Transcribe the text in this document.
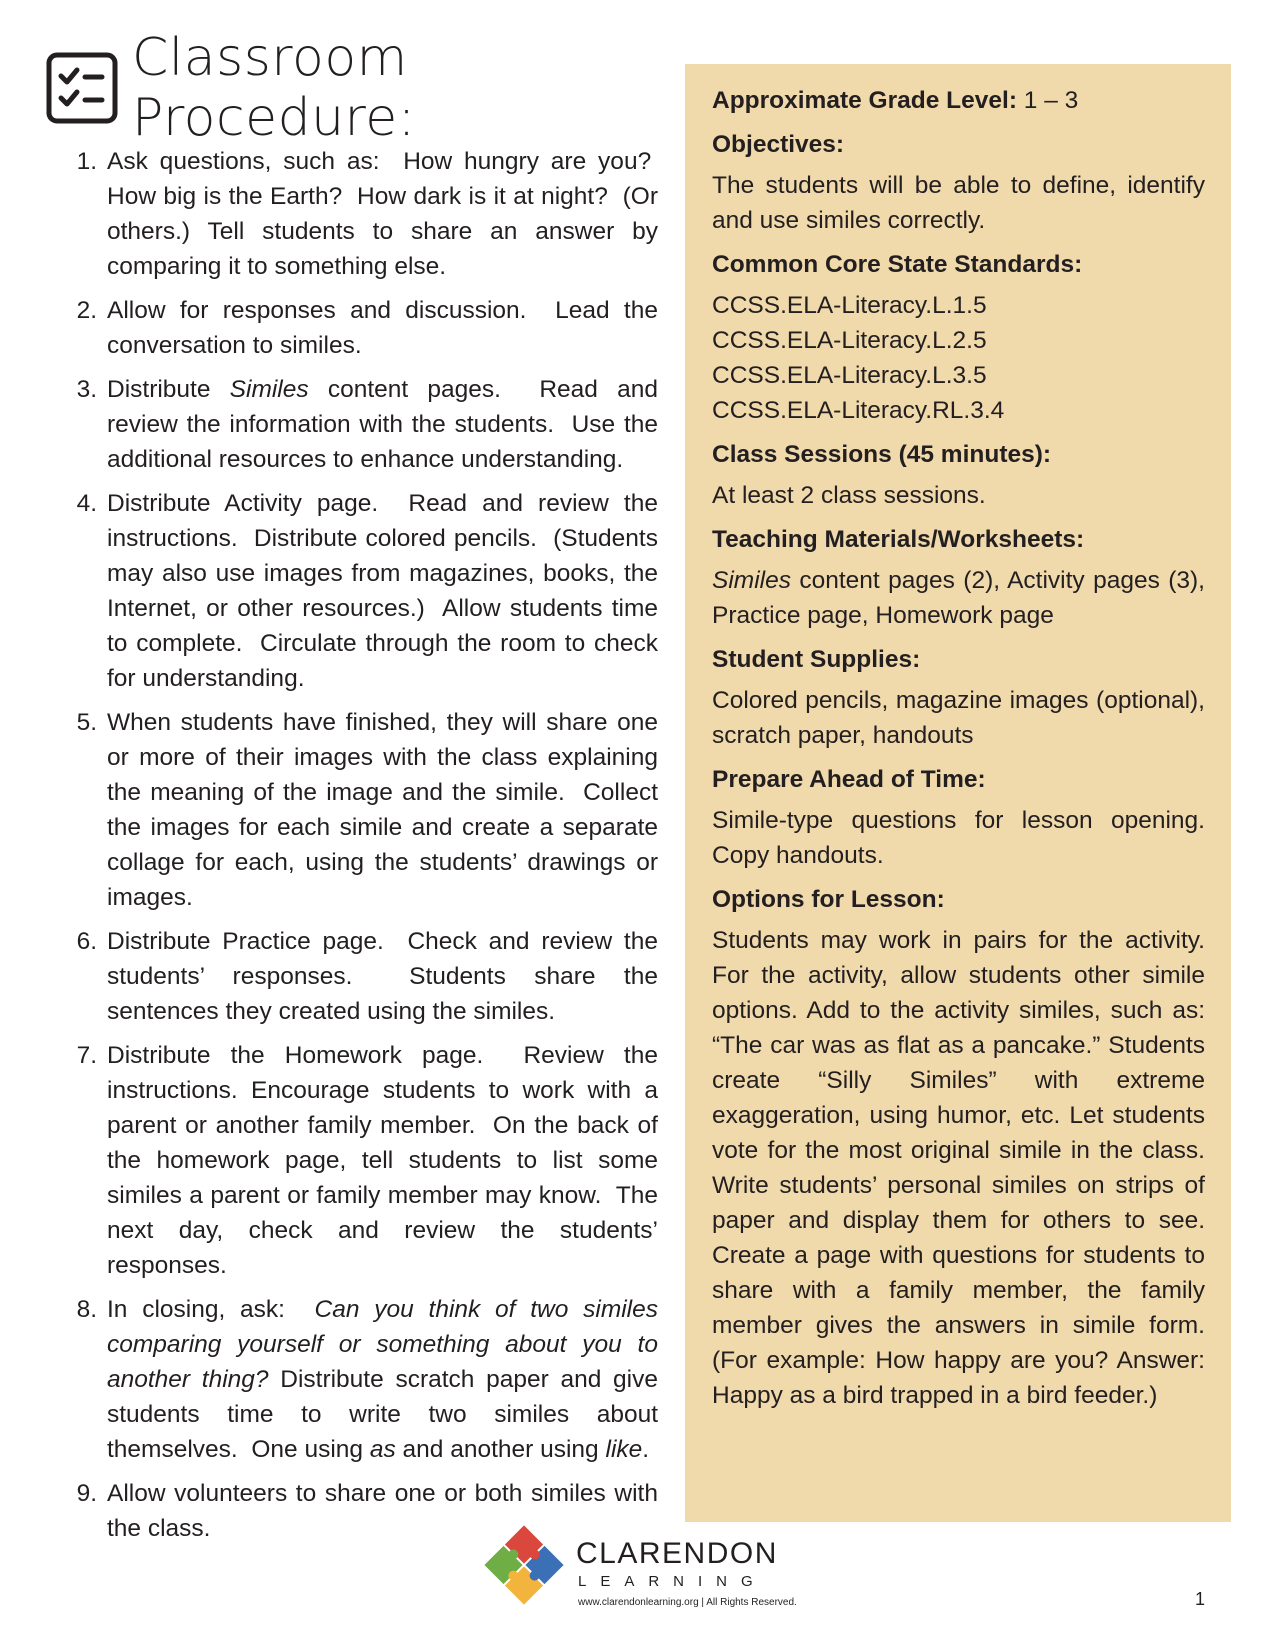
Classroom Procedure:
1. Ask questions, such as:  How hungry are you?  How big is the Earth?  How dark is it at night?  (Or others.) Tell students to share an answer by comparing it to something else.
2. Allow for responses and discussion.  Lead the conversation to similes.
3. Distribute Similes content pages.  Read and review the information with the students.  Use the additional resources to enhance understanding.
4. Distribute Activity page.  Read and review the instructions.  Distribute colored pencils.  (Students may also use images from magazines, books, the Internet, or other resources.)  Allow students time to complete.  Circulate through the room to check for understanding.
5. When students have finished, they will share one or more of their images with the class explaining the meaning of the image and the simile.  Collect the images for each simile and create a separate collage for each, using the students’ drawings or images.
6. Distribute Practice page.  Check and review the students’ responses.  Students share the sentences they created using the similes.
7. Distribute the Homework page.  Review the instructions. Encourage students to work with a parent or another family member.  On the back of the homework page, tell students to list some similes a parent or family member may know.  The next day, check and review the students’ responses.
8. In closing, ask:  Can you think of two similes comparing yourself or something about you to another thing? Distribute scratch paper and give students time to write two similes about themselves.  One using as and another using like.
9. Allow volunteers to share one or both similes with the class.
Approximate Grade Level: 1 – 3
Objectives:
The students will be able to define, identify and use similes correctly.
Common Core State Standards:
CCSS.ELA-Literacy.L.1.5
CCSS.ELA-Literacy.L.2.5
CCSS.ELA-Literacy.L.3.5
CCSS.ELA-Literacy.RL.3.4
Class Sessions (45 minutes):
At least 2 class sessions.
Teaching Materials/Worksheets:
Similes content pages (2), Activity pages (3), Practice page, Homework page
Student Supplies:
Colored pencils, magazine images (optional), scratch paper, handouts
Prepare Ahead of Time:
Simile-type questions for lesson opening. Copy handouts.
Options for Lesson:
Students may work in pairs for the activity. For the activity, allow students other simile options. Add to the activity similes, such as: “The car was as flat as a pancake.” Students create “Silly Similes” with extreme exaggeration, using humor, etc. Let students vote for the most original simile in the class. Write students’ personal similes on strips of paper and display them for others to see. Create a page with questions for students to share with a family member, the family member gives the answers in simile form. (For example: How happy are you? Answer: Happy as a bird trapped in a bird feeder.)
CLARENDON
LEARNING
www.clarendonlearning.org | All Rights Reserved.	1
